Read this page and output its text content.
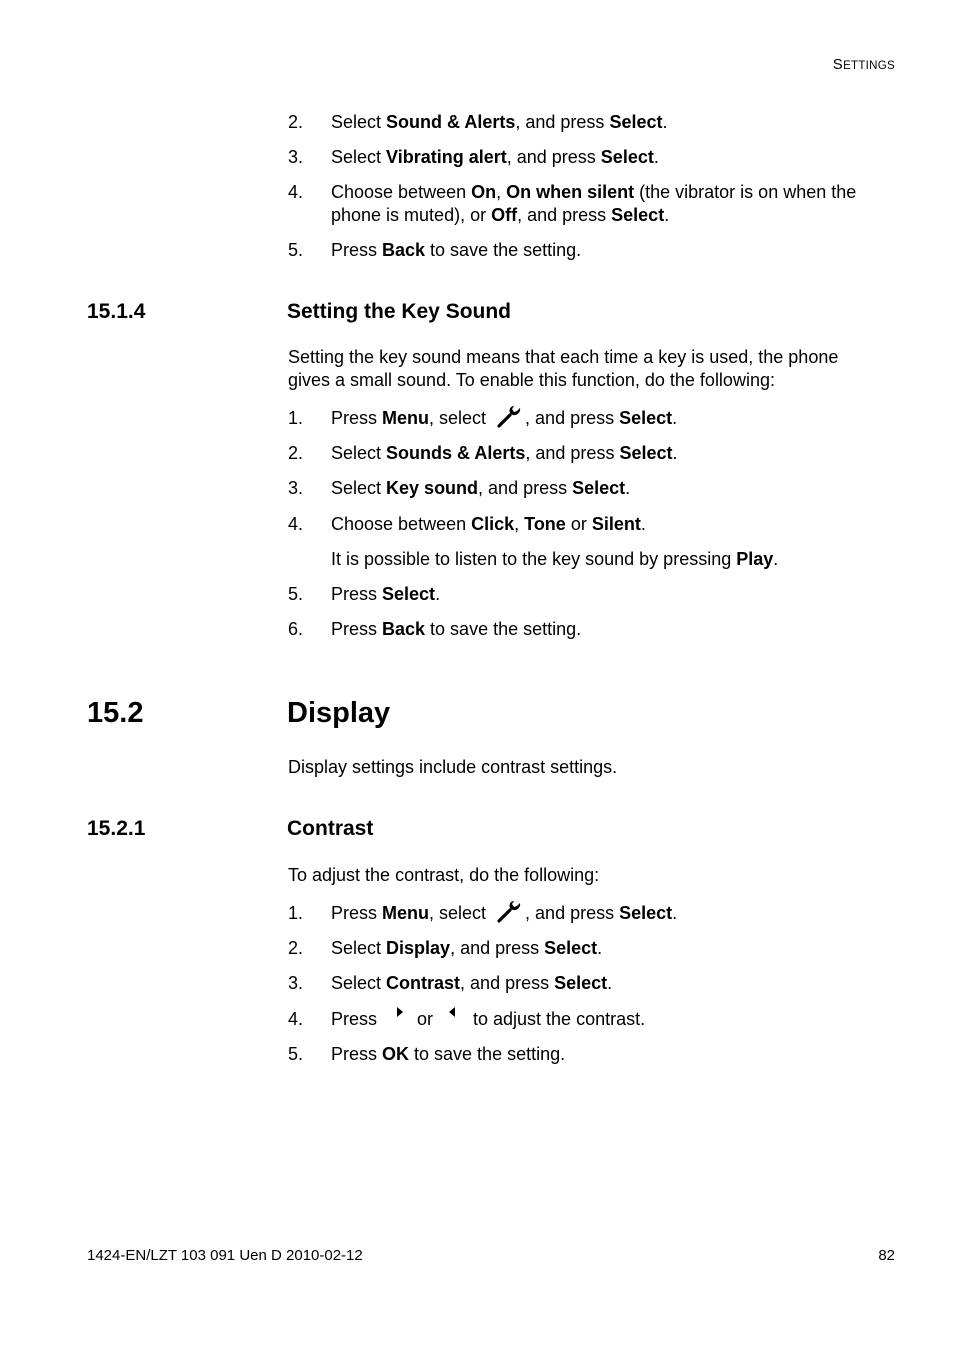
SETTINGS
2. Select Sound & Alerts, and press Select.
3. Select Vibrating alert, and press Select.
4. Choose between On, On when silent (the vibrator is on when the
phone is muted), or Off, and press Select.
5. Press Back to save the setting.
15.1.4	Setting the Key Sound
Setting the key sound means that each time a key is used, the phone
gives a small sound. To enable this function, do the following:
1. Press Menu, select , and press Select.
2. Select Sounds & Alerts, and press Select.
3. Select Key sound, and press Select.
4. Choose between Click, Tone or Silent.
It is possible to listen to the key sound by pressing Play.
5. Press Select.
6. Press Back to save the setting.
15.2	Display
Display settings include contrast settings.
15.2.1	Contrast
To adjust the contrast, do the following:
1. Press Menu, select , and press Select.
2. Select Display, and press Select.
3. Select Contrast, and press Select.
4. Press or to adjust the contrast.
5. Press OK to save the setting.
1424-EN/LZT 103 091 Uen D 2010-02-12	82
